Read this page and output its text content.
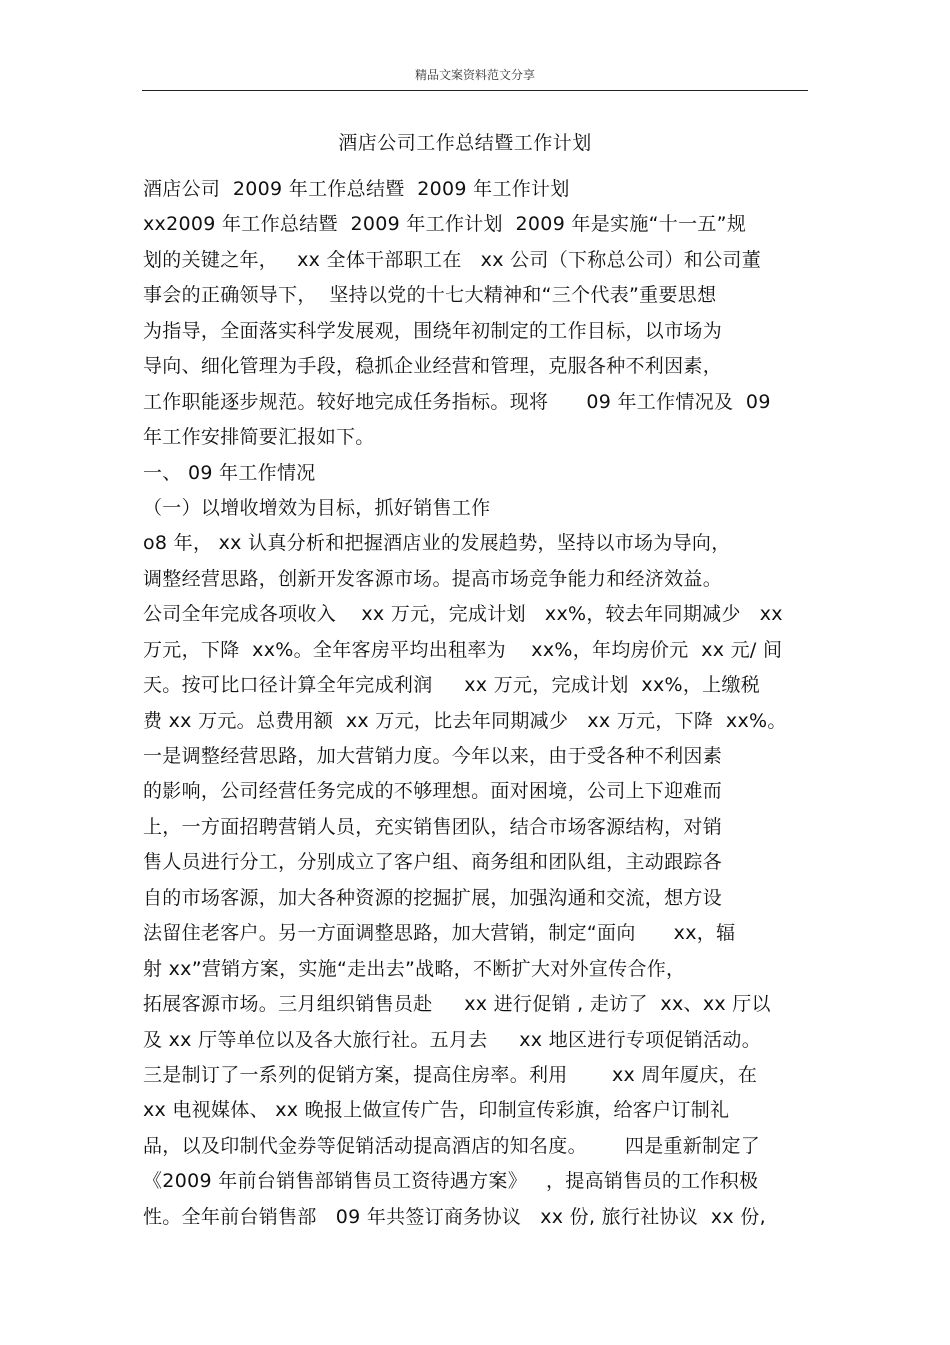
精品文案资料范文分享
酒店公司工作总结暨工作计划
酒店公司  2009 年工作总结暨  2009 年工作计划
xx2009 年工作总结暨  2009 年工作计划  2009 年是实施“十一五”规
划的关键之年，   xx 全体干部职工在   xx 公司（下称总公司）和公司董
事会的正确领导下，  坚持以党的十七大精神和“三个代表”重要思想
为指导，全面落实科学发展观，围绕年初制定的工作目标，以市场为
导向、细化管理为手段，稳抓企业经营和管理，克服各种不利因素，
工作职能逐步规范。较好地完成任务指标。现将      09 年工作情况及  09
年工作安排简要汇报如下。
一、 09 年工作情况
（一）以增收增效为目标，抓好销售工作
o8 年， xx 认真分析和把握酒店业的发展趋势，坚持以市场为导向，
调整经营思路，创新开发客源市场。提高市场竞争能力和经济效益。
公司全年完成各项收入    xx 万元，完成计划   xx%，较去年同期减少   xx
万元，下降  xx%。全年客房平均出租率为    xx%，年均房价元  xx 元/ 间
天。按可比口径计算全年完成利润     xx 万元，完成计划  xx%，上缴税
费 xx 万元。总费用额  xx 万元，比去年同期减少   xx 万元，下降  xx%。
一是调整经营思路，加大营销力度。今年以来，由于受各种不利因素
的影响，公司经营任务完成的不够理想。面对困境，公司上下迎难而
上，一方面招聘营销人员，充实销售团队，结合市场客源结构，对销
售人员进行分工，分别成立了客户组、商务组和团队组，主动跟踪各
自的市场客源，加大各种资源的挖掘扩展，加强沟通和交流，想方设
法留住老客户。另一方面调整思路，加大营销，制定“面向      xx，辐
射 xx”营销方案，实施“走出去”战略，不断扩大对外宣传合作，
拓展客源市场。三月组织销售员赴     xx 进行促销 , 走访了  xx、xx 厅以
及 xx 厅等单位以及各大旅行社。五月去     xx 地区进行专项促销活动。
三是制订了一系列的促销方案，提高住房率。利用       xx 周年厦庆，在
xx 电视媒体、 xx 晚报上做宣传广告，印制宣传彩旗，给客户订制礼
品，以及印制代金券等促销活动提高酒店的知名度。      四是重新制定了
《2009 年前台销售部销售员工资待遇方案》   ，提高销售员的工作积极
性。全年前台销售部   09 年共签订商务协议   xx 份, 旅行社协议  xx 份,
